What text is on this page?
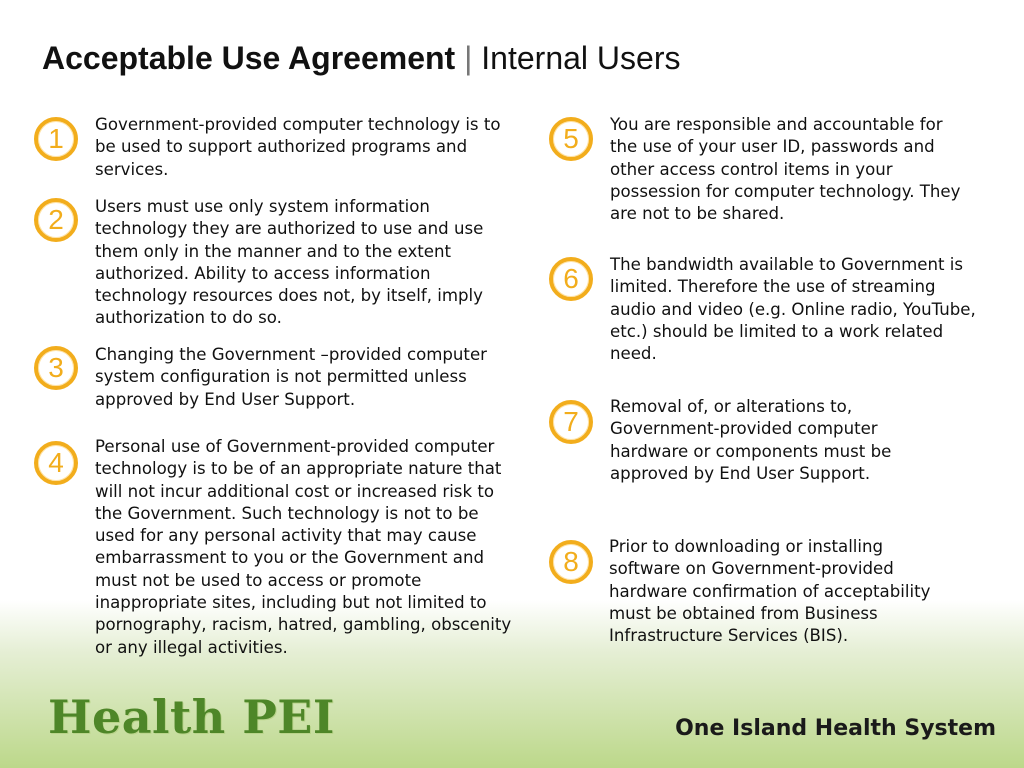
Acceptable Use Agreement | Internal Users
1	Government-provided computer technology is to be used to support authorized programs and services.

2	Users must use only system information technology they are authorized to use and use them only in the manner and to the extent authorized. Ability to access information technology resources does not, by itself, imply authorization to do so.

3	Changing the Government –provided computer system configuration is not permitted unless approved by End User Support.

4

Personal use of Government-provided computer technology is to be of an appropriate nature that will not incur additional cost or increased risk to the Government. Such technology is not to be used for any personal activity that may cause embarrassment to you or the Government and must not be used to access or promote inappropriate sites, including but not limited to pornography, racism, hatred, gambling, obscenity or any illegal activities.

5	You are responsible and accountable for the use of your user ID, passwords and other access control items in your possession for computer technology. They are not to be shared.

6	The bandwidth available to Government is limited. Therefore the use of streaming audio and video (e.g. Online radio, YouTube, etc.) should be limited to a work related need.

7	Removal of, or alterations to, Government-provided computer hardware or components must be approved by End User Support.

8	Prior to downloading or installing software on Government-provided hardware confirmation of acceptability must be obtained from Business Infrastructure Services (BIS).

Health PEI	One Island Health System
